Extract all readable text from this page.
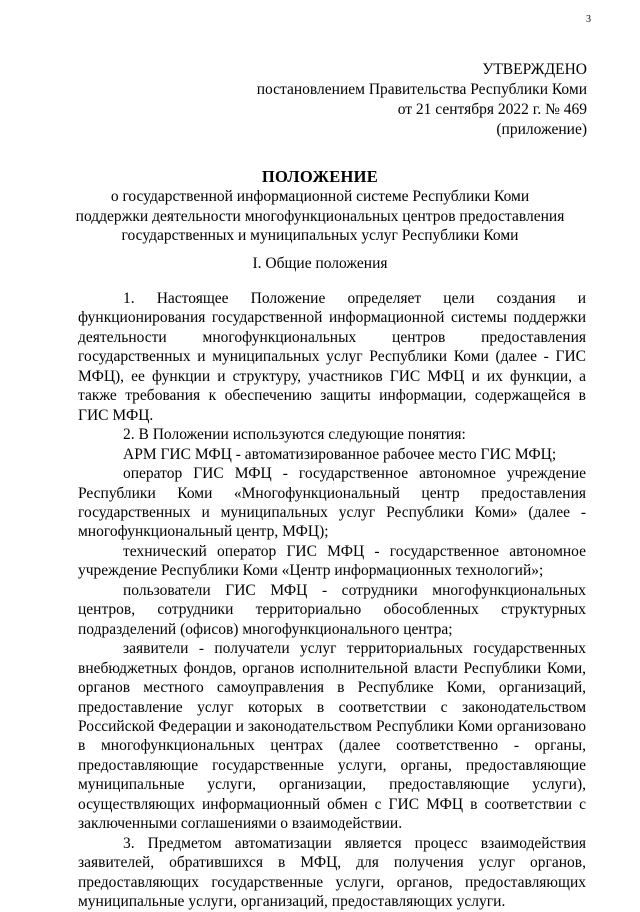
3
УТВЕРЖДЕНО
постановлением Правительства Республики Коми
от 21 сентября 2022 г. № 469
(приложение)
ПОЛОЖЕНИЕ
о государственной информационной системе Республики Коми
поддержки деятельности многофункциональных центров предоставления
государственных и муниципальных услуг Республики Коми
I. Общие положения

1. Настоящее Положение определяет цели создания и функционирования государственной информационной системы поддержки деятельности многофункциональных центров предоставления государственных и муниципальных услуг Республики Коми (далее - ГИС МФЦ), ее функции и структуру, участников ГИС МФЦ и их функции, а также требования к обеспечению защиты информации, содержащейся в ГИС МФЦ.

2. В Положении используются следующие понятия:

АРМ ГИС МФЦ - автоматизированное рабочее место ГИС МФЦ;

оператор ГИС МФЦ - государственное автономное учреждение Республики Коми «Многофункциональный центр предоставления государственных и муниципальных услуг Республики Коми» (далее - многофункциональный центр, МФЦ);

технический оператор ГИС МФЦ - государственное автономное учреждение Республики Коми «Центр информационных технологий»;

пользователи ГИС МФЦ - сотрудники многофункциональных центров, сотрудники территориально обособленных структурных подразделений (офисов) многофункционального центра;

заявители - получатели услуг территориальных государственных внебюджетных фондов, органов исполнительной власти Республики Коми, органов местного самоуправления в Республике Коми, организаций, предоставление услуг которых в соответствии с законодательством Российской Федерации и законодательством Республики Коми организовано в многофункциональных центрах (далее соответственно - органы, предоставляющие государственные услуги, органы, предоставляющие муниципальные услуги, организации, предоставляющие услуги), осуществляющих информационный обмен с ГИС МФЦ в соответствии с заключенными соглашениями о взаимодействии.

3. Предметом автоматизации является процесс взаимодействия заявителей, обратившихся в МФЦ, для получения услуг органов, предоставляющих государственные услуги, органов, предоставляющих муниципальные услуги, организаций, предоставляющих услуги.
